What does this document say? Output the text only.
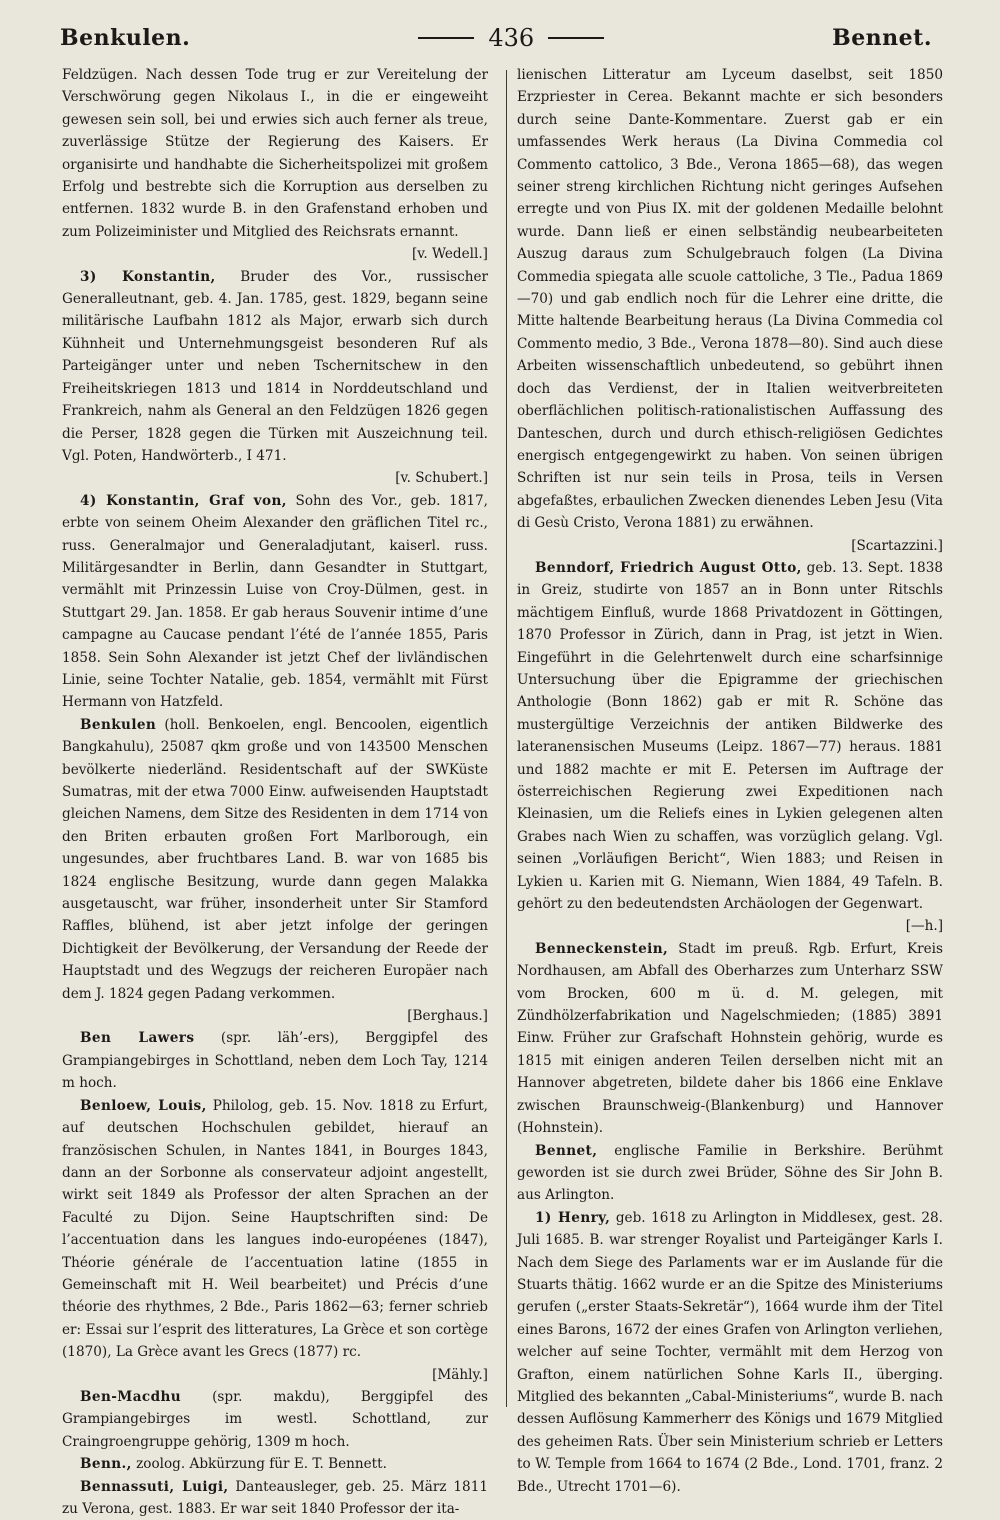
Benkulen.	436	Bennet.

Feldzügen. Nach dessen Tode trug er zur Vereitelung der Verschwörung gegen Nikolaus I., in die er eingeweiht gewesen sein soll, bei und erwies sich auch ferner als treue, zuverlässige Stütze der Regierung des Kaisers. Er organisirte und handhabte die Sicherheitspolizei mit großem Erfolg und bestrebte sich die Korruption aus derselben zu entfernen. 1832 wurde B. in den Grafenstand erhoben und zum Polizeiminister und Mitglied des Reichsrats ernannt.

[v. Wedell.]

3) Konstantin, Bruder des Vor., russischer Generalleutnant, geb. 4. Jan. 1785, gest. 1829, begann seine militärische Laufbahn 1812 als Major, erwarb sich durch Kühnheit und Unternehmungsgeist besonderen Ruf als Parteigänger unter und neben Tschernitschew in den Freiheitskriegen 1813 und 1814 in Norddeutschland und Frankreich, nahm als General an den Feldzügen 1826 gegen die Perser, 1828 gegen die Türken mit Auszeichnung teil. Vgl. Poten, Handwörterb., I 471.

[v. Schubert.]

4) Konstantin, Graf von, Sohn des Vor., geb. 1817, erbte von seinem Oheim Alexander den gräflichen Titel rc., russ. Generalmajor und Generaladjutant, kaiserl. russ. Militärgesandter in Berlin, dann Gesandter in Stuttgart, vermählt mit Prinzessin Luise von Croy-Dülmen, gest. in Stuttgart 29. Jan. 1858. Er gab heraus Souvenir intime d’une campagne au Caucase pendant l’été de l’année 1855, Paris 1858. Sein Sohn Alexander ist jetzt Chef der livländischen Linie, seine Tochter Natalie, geb. 1854, vermählt mit Fürst Hermann von Hatzfeld.

Benkulen (holl. Benkoelen, engl. Bencoolen, eigentlich Bangkahulu), 25087 qkm große und von 143500 Menschen bevölkerte niederländ. Residentschaft auf der SWKüste Sumatras, mit der etwa 7000 Einw. aufweisenden Hauptstadt gleichen Namens, dem Sitze des Residenten in dem 1714 von den Briten erbauten großen Fort Marlborough, ein ungesundes, aber fruchtbares Land. B. war von 1685 bis 1824 englische Besitzung, wurde dann gegen Malakka ausgetauscht, war früher, insonderheit unter Sir Stamford Raffles, blühend, ist aber jetzt infolge der geringen Dichtigkeit der Bevölkerung, der Versandung der Reede der Hauptstadt und des Wegzugs der reicheren Europäer nach dem J. 1824 gegen Padang verkommen.

[Berghaus.]

Ben Lawers (spr. läh’-ers), Berggipfel des Grampiangebirges in Schottland, neben dem Loch Tay, 1214 m hoch.

Benloew, Louis, Philolog, geb. 15. Nov. 1818 zu Erfurt, auf deutschen Hochschulen gebildet, hierauf an französischen Schulen, in Nantes 1841, in Bourges 1843, dann an der Sorbonne als conservateur adjoint angestellt, wirkt seit 1849 als Professor der alten Sprachen an der Faculté zu Dijon. Seine Hauptschriften sind: De l’accentuation dans les langues indo-européenes (1847), Théorie générale de l’accentuation latine (1855 in Gemeinschaft mit H. Weil bearbeitet) und Précis d’une théorie des rhythmes, 2 Bde., Paris 1862—63; ferner schrieb er: Essai sur l’esprit des litteratures, La Grèce et son cortège (1870), La Grèce avant les Grecs (1877) rc.

[Mähly.]

Ben-Macdhu (spr. makdu), Berggipfel des Grampiangebirges im westl. Schottland, zur Craingroengruppe gehörig, 1309 m hoch.

Benn., zoolog. Abkürzung für E. T. Bennett.

Bennassuti, Luigi, Danteausleger, geb. 25. März 1811 zu Verona, gest. 1883. Er war seit 1840 Professor der ita-

lienischen Litteratur am Lyceum daselbst, seit 1850 Erzpriester in Cerea. Bekannt machte er sich besonders durch seine Dante-Kommentare. Zuerst gab er ein umfassendes Werk heraus (La Divina Commedia col Commento cattolico, 3 Bde., Verona 1865—68), das wegen seiner streng kirchlichen Richtung nicht geringes Aufsehen erregte und von Pius IX. mit der goldenen Medaille belohnt wurde. Dann ließ er einen selbständig neubearbeiteten Auszug daraus zum Schulgebrauch folgen (La Divina Commedia spiegata alle scuole cattoliche, 3 Tle., Padua 1869—70) und gab endlich noch für die Lehrer eine dritte, die Mitte haltende Bearbeitung heraus (La Divina Commedia col Commento medio, 3 Bde., Verona 1878—80). Sind auch diese Arbeiten wissenschaftlich unbedeutend, so gebührt ihnen doch das Verdienst, der in Italien weitverbreiteten oberflächlichen politisch-rationalistischen Auffassung des Danteschen, durch und durch ethisch-religiösen Gedichtes energisch entgegengewirkt zu haben. Von seinen übrigen Schriften ist nur sein teils in Prosa, teils in Versen abgefaßtes, erbaulichen Zwecken dienendes Leben Jesu (Vita di Gesù Cristo, Verona 1881) zu erwähnen.

[Scartazzini.]

Benndorf, Friedrich August Otto, geb. 13. Sept. 1838 in Greiz, studirte von 1857 an in Bonn unter Ritschls mächtigem Einfluß, wurde 1868 Privatdozent in Göttingen, 1870 Professor in Zürich, dann in Prag, ist jetzt in Wien. Eingeführt in die Gelehrtenwelt durch eine scharfsinnige Untersuchung über die Epigramme der griechischen Anthologie (Bonn 1862) gab er mit R. Schöne das mustergültige Verzeichnis der antiken Bildwerke des lateranensischen Museums (Leipz. 1867—77) heraus. 1881 und 1882 machte er mit E. Petersen im Auftrage der österreichischen Regierung zwei Expeditionen nach Kleinasien, um die Reliefs eines in Lykien gelegenen alten Grabes nach Wien zu schaffen, was vorzüglich gelang. Vgl. seinen „Vorläufigen Bericht“, Wien 1883; und Reisen in Lykien u. Karien mit G. Niemann, Wien 1884, 49 Tafeln. B. gehört zu den bedeutendsten Archäologen der Gegenwart.

[—h.]

Benneckenstein, Stadt im preuß. Rgb. Erfurt, Kreis Nordhausen, am Abfall des Oberharzes zum Unterharz SSW vom Brocken, 600 m ü. d. M. gelegen, mit Zündhölzerfabrikation und Nagelschmieden; (1885) 3891 Einw. Früher zur Grafschaft Hohnstein gehörig, wurde es 1815 mit einigen anderen Teilen derselben nicht mit an Hannover abgetreten, bildete daher bis 1866 eine Enklave zwischen Braunschweig-(Blankenburg) und Hannover (Hohnstein).

Bennet, englische Familie in Berkshire. Berühmt geworden ist sie durch zwei Brüder, Söhne des Sir John B. aus Arlington.

1) Henry, geb. 1618 zu Arlington in Middlesex, gest. 28. Juli 1685. B. war strenger Royalist und Parteigänger Karls I. Nach dem Siege des Parlaments war er im Auslande für die Stuarts thätig. 1662 wurde er an die Spitze des Ministeriums gerufen („erster Staats-Sekretär“), 1664 wurde ihm der Titel eines Barons, 1672 der eines Grafen von Arlington verliehen, welcher auf seine Tochter, vermählt mit dem Herzog von Grafton, einem natürlichen Sohne Karls II., überging. Mitglied des bekannten „Cabal-Ministeriums“, wurde B. nach dessen Auflösung Kammerherr des Königs und 1679 Mitglied des geheimen Rats. Über sein Ministerium schrieb er Letters to W. Temple from 1664 to 1674 (2 Bde., Lond. 1701, franz. 2 Bde., Utrecht 1701—6).
